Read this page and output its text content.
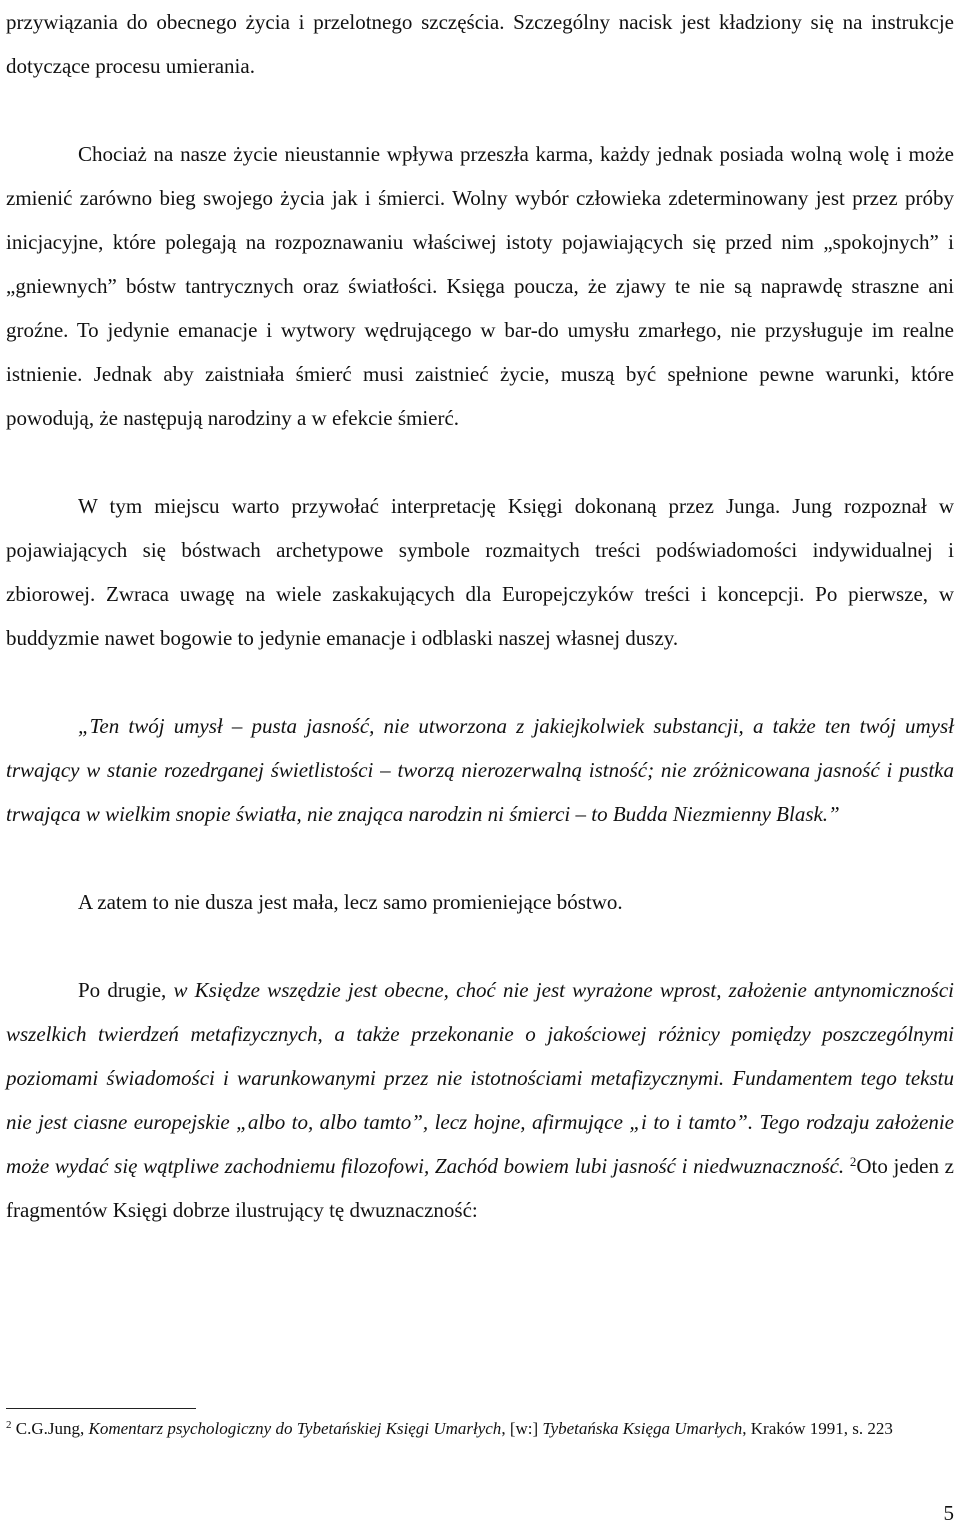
przywiązania do obecnego życia i przelotnego szczęścia. Szczególny nacisk jest kładziony się na instrukcje dotyczące procesu umierania.

Chociaż na nasze życie nieustannie wpływa przeszła karma, każdy jednak posiada wolną wolę i może zmienić zarówno bieg swojego życia jak i śmierci. Wolny wybór człowieka zdeterminowany jest przez próby inicjacyjne, które polegają na rozpoznawaniu właściwej istoty pojawiających się przed nim „spokojnych” i „gniewnych” bóstw tantrycznych oraz światłości. Księga poucza, że zjawy te nie są naprawdę straszne ani groźne. To jedynie emanacje i wytwory wędrującego w bar-do umysłu zmarłego, nie przysługuje im realne istnienie. Jednak aby zaistniała śmierć musi zaistnieć życie, muszą być spełnione pewne warunki, które powodują, że następują narodziny a w efekcie śmierć.

W tym miejscu warto przywołać interpretację Księgi dokonaną przez Junga. Jung rozpoznał w pojawiających się bóstwach archetypowe symbole rozmaitych treści podświadomości indywidualnej i zbiorowej. Zwraca uwagę na wiele zaskakujących dla Europejczyków treści i koncepcji. Po pierwsze, w buddyzmie nawet bogowie to jedynie emanacje i odblaski naszej własnej duszy.

„Ten twój umysł – pusta jasność, nie utworzona z jakiejkolwiek substancji, a także ten twój umysł trwający w stanie rozedrganej świetlistości – tworzą nierozerwalną istność; nie zróżnicowana jasność i pustka trwająca w wielkim snopie światła, nie znająca narodzin ni śmierci – to Budda Niezmienny Blask.”

A zatem to nie dusza jest mała, lecz samo promieniejące bóstwo.

Po drugie, w Księdze wszędzie jest obecne, choć nie jest wyrażone wprost, założenie antynomiczności wszelkich twierdzeń metafizycznych, a także przekonanie o jakościowej różnicy pomiędzy poszczególnymi poziomami świadomości i warunkowanymi przez nie istotnościami metafizycznymi. Fundamentem tego tekstu nie jest ciasne europejskie „albo to, albo tamto”, lecz hojne, afirmujące „i to i tamto”. Tego rodzaju założenie może wydać się wątpliwe zachodniemu filozofowi, Zachód bowiem lubi jasność i niedwuznaczność. $^2$Oto jeden z fragmentów Księgi dobrze ilustrujący tę dwuznaczność:

$^2$ C.G.Jung, Komentarz psychologiczny do Tybetańskiej Księgi Umarłych, [w:] Tybetańska Księga Umarłych, Kraków 1991, s. 223

5
